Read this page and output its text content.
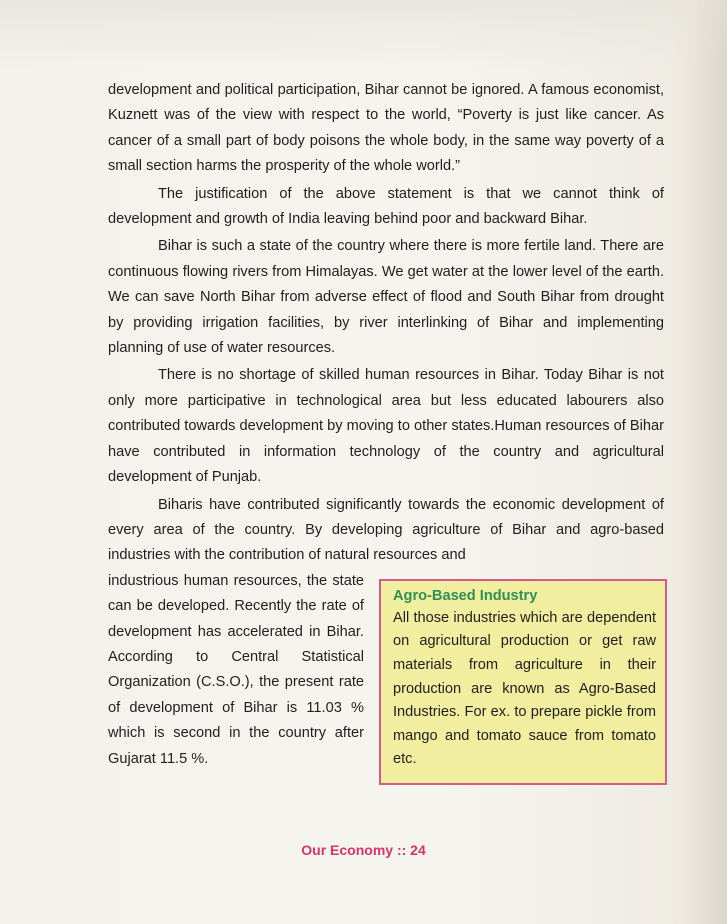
development and political participation, Bihar cannot be ignored. A famous economist, Kuznett was of the view with respect to the world, “Poverty is just like cancer. As cancer of a small part of body poisons the whole body, in the same way poverty of a small section harms the prosperity of the whole world.”

The justification of the above statement is that we cannot think of development and growth of India leaving behind poor and backward Bihar.

Bihar is such a state of the country where there is more fertile land. There are continuous flowing rivers from Himalayas. We get water at the lower level of the earth. We can save North Bihar from adverse effect of flood and South Bihar from drought by providing irrigation facilities, by river interlinking of Bihar and implementing planning of use of water resources.

There is no shortage of skilled human resources in Bihar. Today Bihar is not only more participative in technological area but less educated labourers also contributed towards development by moving to other states.Human resources of Bihar have contributed in information technology of the country and agricultural development of Punjab.

Biharis have contributed significantly towards the economic development of every area of the country. By developing agriculture of Bihar and agro-based industries with the contribution of natural resources and

industrious human resources, the state can be developed. Recently the rate of development has accelerated in Bihar. According to Central Statistical Organization (C.S.O.), the present rate of development of Bihar is 11.03 % which is second in the country after Gujarat 11.5 %.

Agro-Based Industry

All those industries which are dependent on agricultural production or get raw materials from agriculture in their production are known as Agro-Based Industries. For ex. to prepare pickle from mango and tomato sauce from tomato etc.

Our Economy :: 24
